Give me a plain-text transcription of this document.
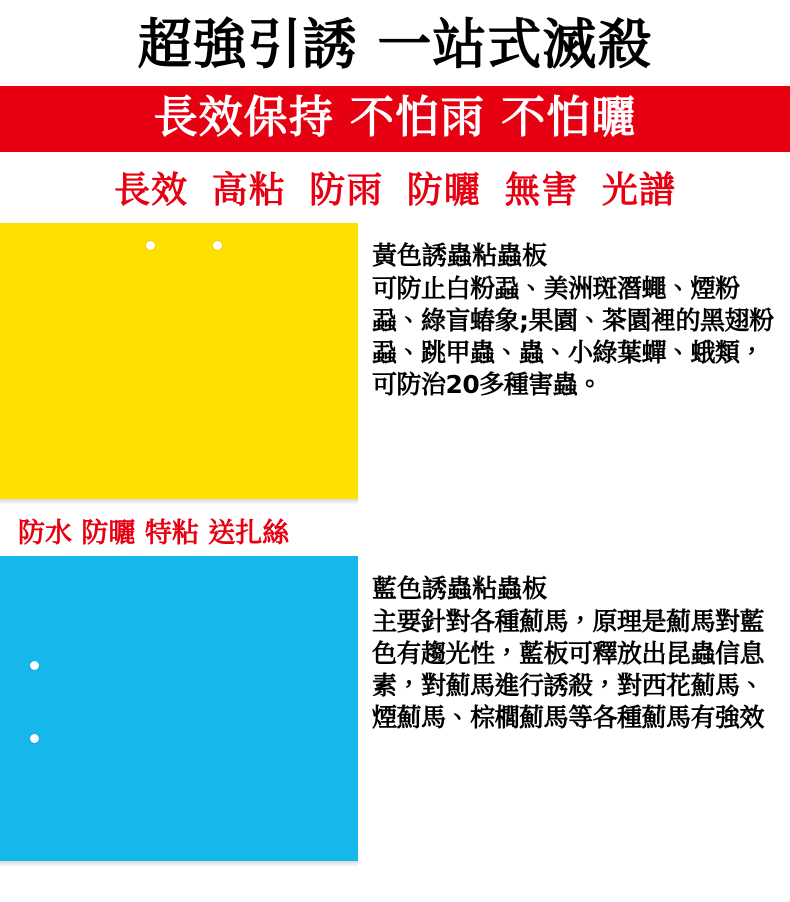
超強引誘 一站式滅殺
長效保持 不怕雨 不怕曬
長效 高粘 防雨 防曬 無害 光譜
黃色誘蟲粘蟲板
可防止白粉蝨、美洲斑潛蠅、煙粉蝨、綠盲蝽象;果園、茶園裡的黑翅粉蝨、跳甲蟲、蟲、小綠葉蟬、蛾類，可防治20多種害蟲。
防水 防曬 特粘 送扎絲
藍色誘蟲粘蟲板
主要針對各種薊馬，原理是薊馬對藍色有趨光性，藍板可釋放出昆蟲信息素，對薊馬進行誘殺，對西花薊馬、煙薊馬、棕櫚薊馬等各種薊馬有強效
